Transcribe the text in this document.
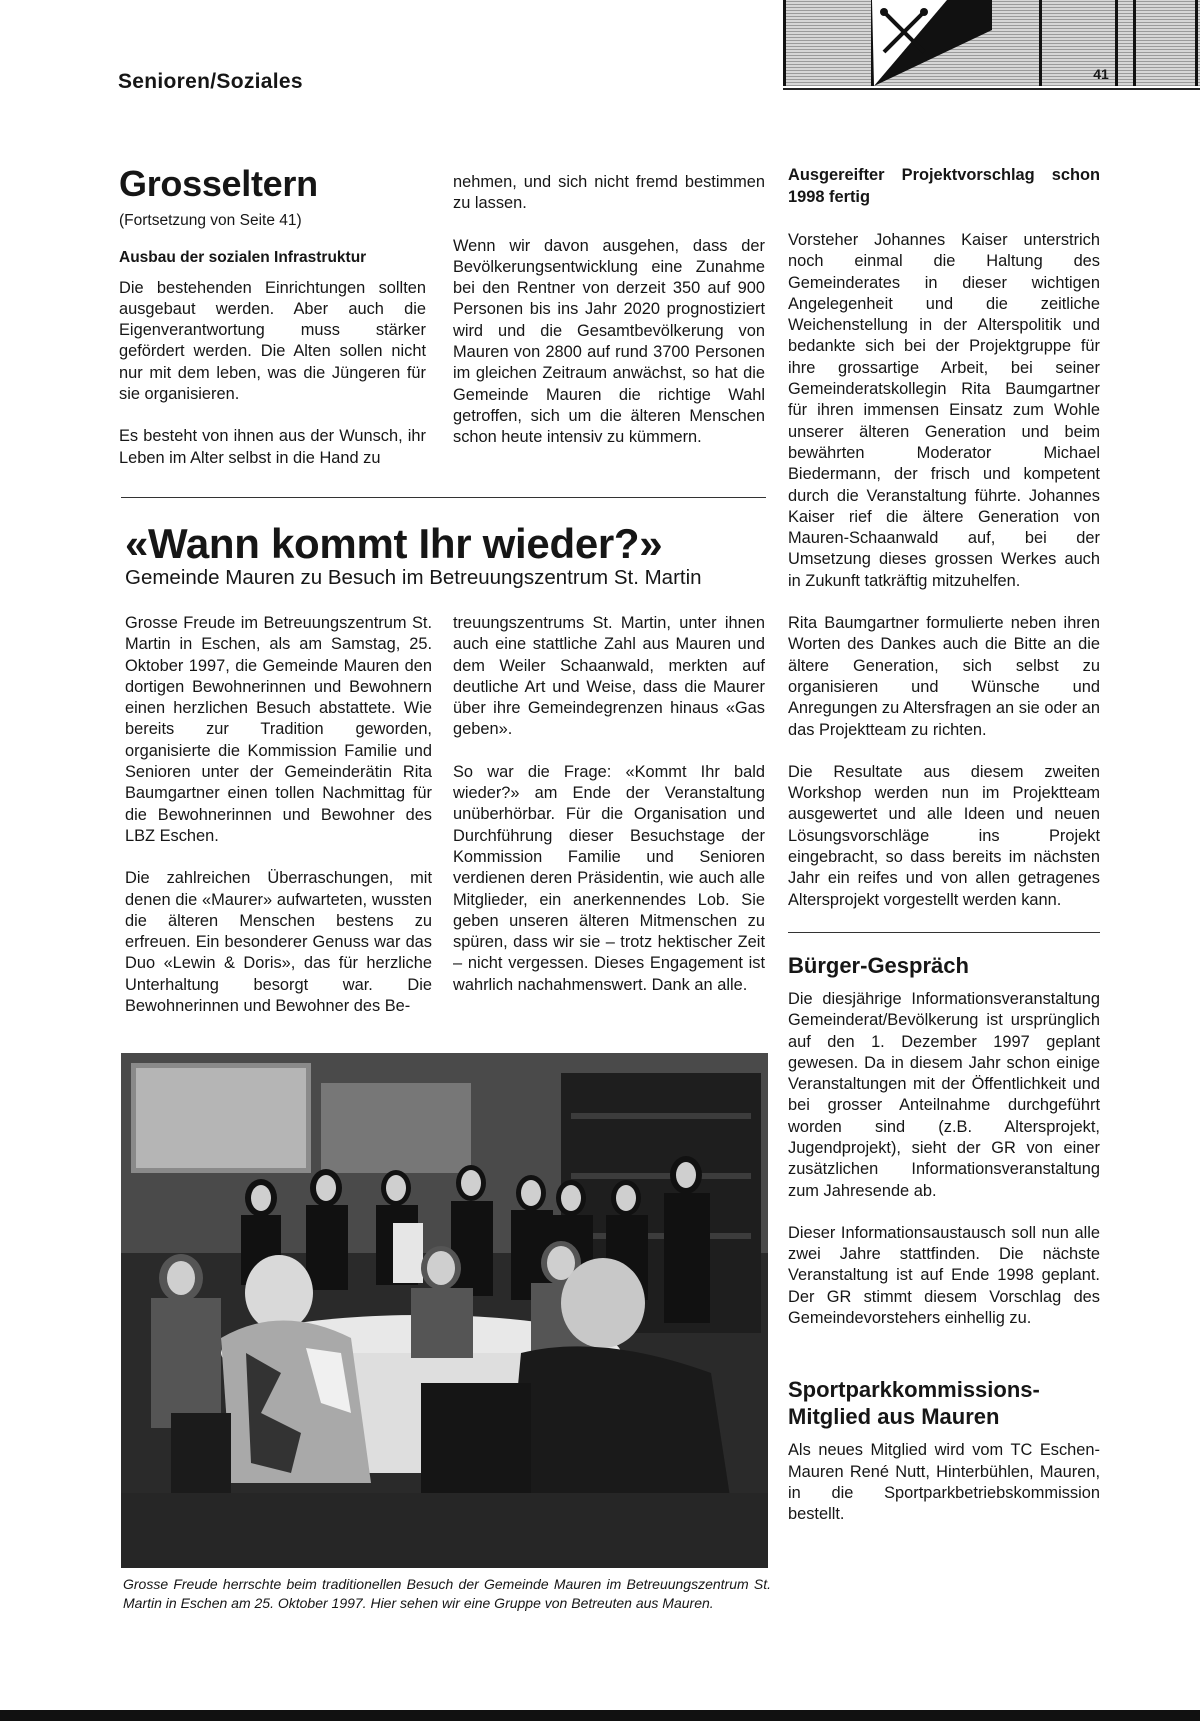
Senioren/Soziales	41
Grosseltern
(Fortsetzung von Seite 41)
Ausbau der sozialen Infrastruktur

Die bestehenden Einrichtungen sollten ausgebaut werden. Aber auch die Eigenverantwortung muss stärker gefördert werden. Die Alten sollen nicht nur mit dem leben, was die Jüngeren für sie organisieren.

Es besteht von ihnen aus der Wunsch, ihr Leben im Alter selbst in die Hand zu

nehmen, und sich nicht fremd bestimmen zu lassen.

Wenn wir davon ausgehen, dass der Bevölkerungsentwicklung eine Zunahme bei den Rentner von derzeit 350 auf 900 Personen bis ins Jahr 2020 prognostiziert wird und die Gesamtbevölkerung von Mauren von 2800 auf rund 3700 Personen im gleichen Zeitraum anwächst, so hat die Gemeinde Mauren die richtige Wahl getroffen, sich um die älteren Menschen schon heute intensiv zu kümmern.

«Wann kommt Ihr wieder?»
Gemeinde Mauren zu Besuch im Betreuungszentrum St. Martin

Grosse Freude im Betreuungszentrum St. Martin in Eschen, als am Samstag, 25. Oktober 1997, die Gemeinde Mauren den dortigen Bewohnerinnen und Bewohnern einen herzlichen Besuch abstattete. Wie bereits zur Tradition geworden, organisierte die Kommission Familie und Senioren unter der Gemeinderätin Rita Baumgartner einen tollen Nachmittag für die Bewohnerinnen und Bewohner des LBZ Eschen.

Die zahlreichen Überraschungen, mit denen die «Maurer» aufwarteten, wussten die älteren Menschen bestens zu erfreuen. Ein besonderer Genuss war das Duo «Lewin & Doris», das für herzliche Unterhaltung besorgt war. Die Bewohnerinnen und Bewohner des Be-

treuungszentrums St. Martin, unter ihnen auch eine stattliche Zahl aus Mauren und dem Weiler Schaanwald, merkten auf deutliche Art und Weise, dass die Maurer über ihre Gemeindegrenzen hinaus «Gas geben».

So war die Frage: «Kommt Ihr bald wieder?» am Ende der Veranstaltung unüberhörbar. Für die Organisation und Durchführung dieser Besuchstage der Kommission Familie und Senioren verdienen deren Präsidentin, wie auch alle Mitglieder, ein anerkennendes Lob. Sie geben unseren älteren Mitmenschen zu spüren, dass wir sie – trotz hektischer Zeit – nicht vergessen. Dieses Engagement ist wahrlich nachahmenswert. Dank an alle.

Grosse Freude herrschte beim traditionellen Besuch der Gemeinde Mauren im Betreuungszentrum St. Martin in Eschen am 25. Oktober 1997. Hier sehen wir eine Gruppe von Betreuten aus Mauren.
Ausgereifter Projektvorschlag schon 1998 fertig

Vorsteher Johannes Kaiser unterstrich noch einmal die Haltung des Gemeinderates in dieser wichtigen Angelegenheit und die zeitliche Weichenstellung in der Alterspolitik und bedankte sich bei der Projektgruppe für ihre grossartige Arbeit, bei seiner Gemeinderatskollegin Rita Baumgartner für ihren immensen Einsatz zum Wohle unserer älteren Generation und beim bewährten Moderator Michael Biedermann, der frisch und kompetent durch die Veranstaltung führte. Johannes Kaiser rief die ältere Generation von Mauren-Schaanwald auf, bei der Umsetzung dieses grossen Werkes auch in Zukunft tatkräftig mitzuhelfen.

Rita Baumgartner formulierte neben ihren Worten des Dankes auch die Bitte an die ältere Generation, sich selbst zu organisieren und Wünsche und Anregungen zu Altersfragen an sie oder an das Projektteam zu richten.

Die Resultate aus diesem zweiten Workshop werden nun im Projektteam ausgewertet und alle Ideen und neuen Lösungsvorschläge ins Projekt eingebracht, so dass bereits im nächsten Jahr ein reifes und von allen getragenes Altersprojekt vorgestellt werden kann.

Bürger-Gespräch

Die diesjährige Informationsveranstaltung Gemeinderat/Bevölkerung ist ursprünglich auf den 1. Dezember 1997 geplant gewesen. Da in diesem Jahr schon einige Veranstaltungen mit der Öffentlichkeit und bei grosser Anteilnahme durchgeführt worden sind (z.B. Altersprojekt, Jugendprojekt), sieht der GR von einer zusätzlichen Informationsveranstaltung zum Jahresende ab.

Dieser Informationsaustausch soll nun alle zwei Jahre stattfinden. Die nächste Veranstaltung ist auf Ende 1998 geplant. Der GR stimmt diesem Vorschlag des Gemeindevorstehers einhellig zu.

Sportparkkommissions-Mitglied aus Mauren

Als neues Mitglied wird vom TC Eschen-Mauren René Nutt, Hinterbühlen, Mauren, in die Sportparkbetriebskommission bestellt.
